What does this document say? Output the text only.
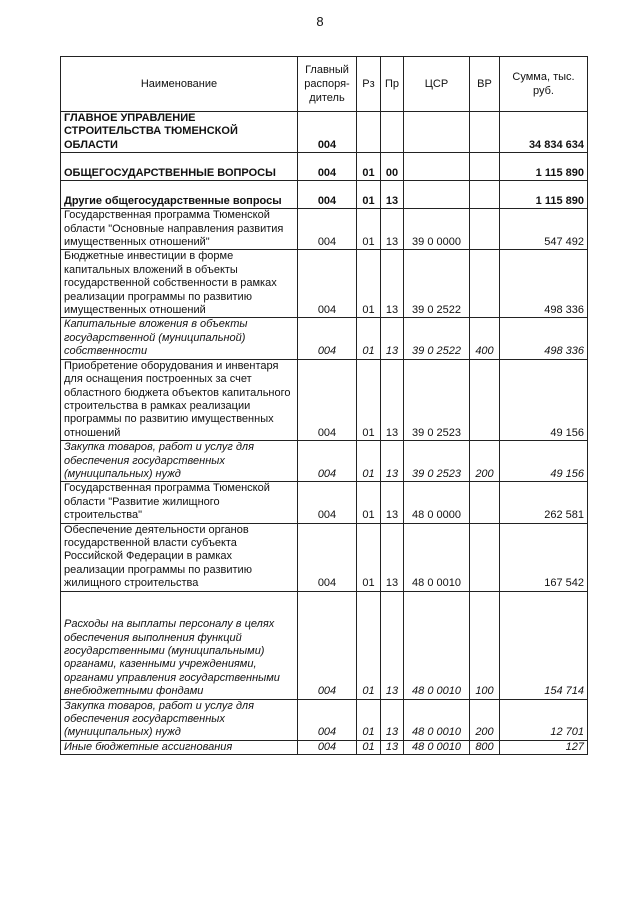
8
Наименование	Главный распоря-дитель	Рз	Пр	ЦСР	ВР	Сумма, тыс. руб.
ГЛАВНОЕ УПРАВЛЕНИЕ СТРОИТЕЛЬСТВА ТЮМЕНСКОЙ ОБЛАСТИ	004					34 834 634
ОБЩЕГОСУДАРСТВЕННЫЕ ВОПРОСЫ	004	01	00			1 115 890
Другие общегосударственные вопросы	004	01	13			1 115 890
Государственная программа Тюменской области "Основные направления развития имущественных отношений"	004	01	13	39 0 0000		547 492
Бюджетные инвестиции в форме капитальных вложений в объекты государственной собственности в рамках реализации программы по развитию имущественных отношений	004	01	13	39 0 2522		498 336
Капитальные вложения в объекты государственной (муниципальной) собственности	004	01	13	39 0 2522	400	498 336
Приобретение оборудования и инвентаря для оснащения построенных за счет областного бюджета объектов капитального строительства в рамках реализации программы по развитию имущественных отношений	004	01	13	39 0 2523		49 156
Закупка товаров, работ и услуг для обеспечения государственных (муниципальных) нужд	004	01	13	39 0 2523	200	49 156
Государственная программа Тюменской области "Развитие жилищного строительства"	004	01	13	48 0 0000		262 581
Обеспечение деятельности органов государственной власти субъекта Российской Федерации в рамках реализации программы по развитию жилищного строительства	004	01	13	48 0 0010		167 542
Расходы на выплаты персоналу в целях обеспечения выполнения функций государственными (муниципальными) органами, казенными учреждениями, органами управления государственными внебюджетными фондами	004	01	13	48 0 0010	100	154 714
Закупка товаров, работ и услуг для обеспечения государственных (муниципальных) нужд	004	01	13	48 0 0010	200	12 701
Иные бюджетные ассигнования	004	01	13	48 0 0010	800	127
